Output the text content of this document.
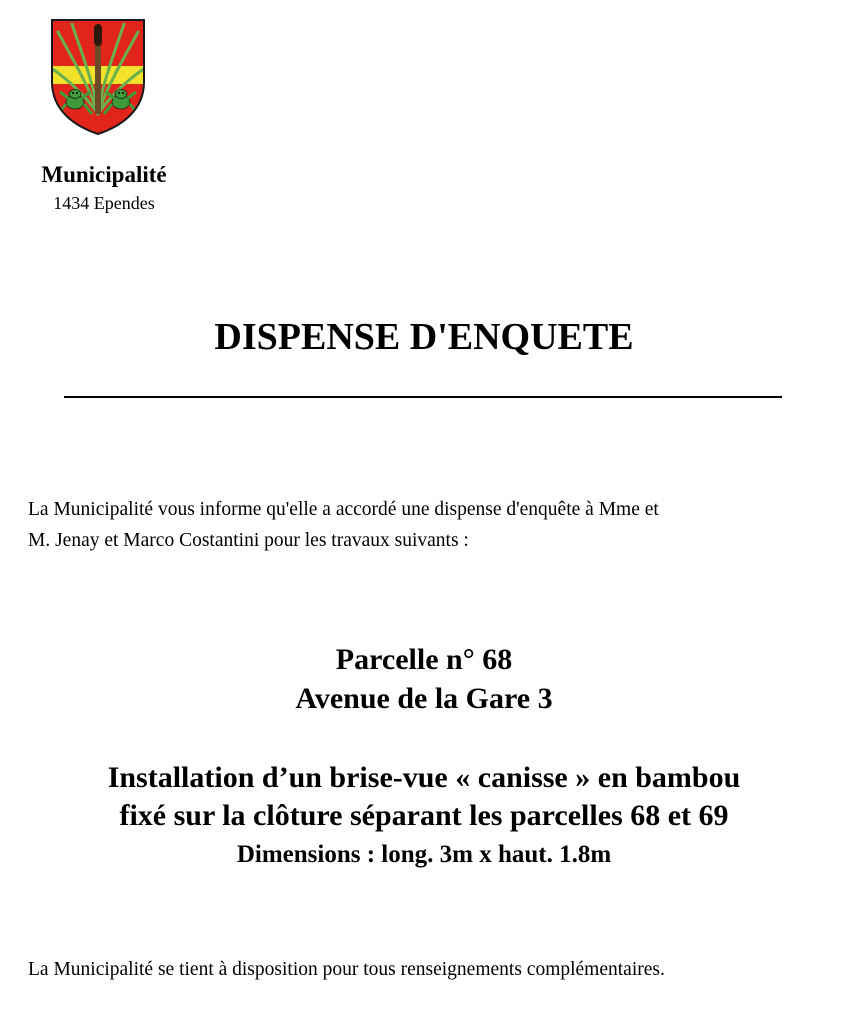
Municipalité
1434 Ependes
DISPENSE D'ENQUETE
La Municipalité vous informe qu'elle a accordé une dispense d'enquête à Mme et
M. Jenay et Marco Costantini pour les travaux suivants :
Parcelle n° 68
Avenue de la Gare 3
Installation d’un brise-vue « canisse » en bambou
fixé sur la clôture séparant les parcelles 68 et 69
Dimensions : long. 3m x haut. 1.8m
La Municipalité se tient à disposition pour tous renseignements complémentaires.
